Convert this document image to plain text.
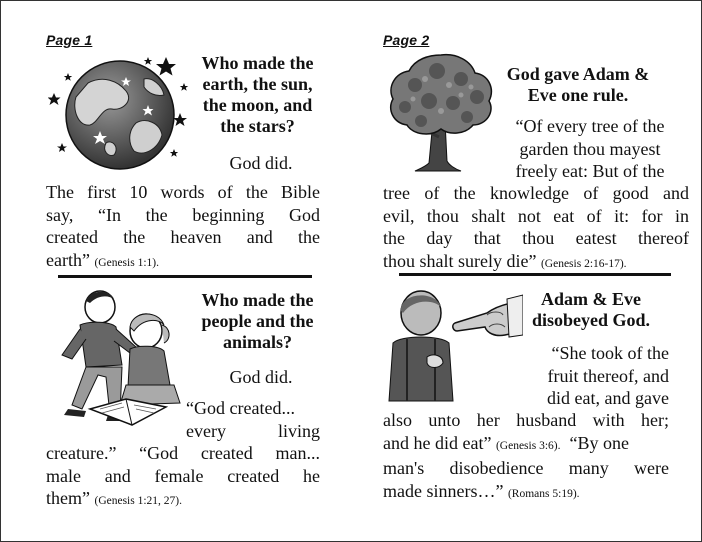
Page 1
Who made the
earth, the sun,
the moon, and
the stars?
God did.
The first 10 words of the Bible
say, “In the beginning God
created the heaven and the
earth” (Genesis 1:1).
Who made the
people and the
animals?
God did.
“God created...
every living
creature.” “God created man...
male and female created he
them” (Genesis 1:21, 27).
Page 2
God gave Adam &
Eve one rule.
“Of every tree of the
garden thou mayest
freely eat: But of the
tree of the knowledge of good and
evil, thou shalt not eat of it: for in
the day that thou eatest thereof
thou shalt surely die” (Genesis 2:16-17).
Adam & Eve
disobeyed God.
“She took of the
fruit thereof, and
did eat, and gave
also unto her husband with her;
and he did eat” (Genesis 3:6). “By one
man's disobedience many were
made sinners…” (Romans 5:19).
